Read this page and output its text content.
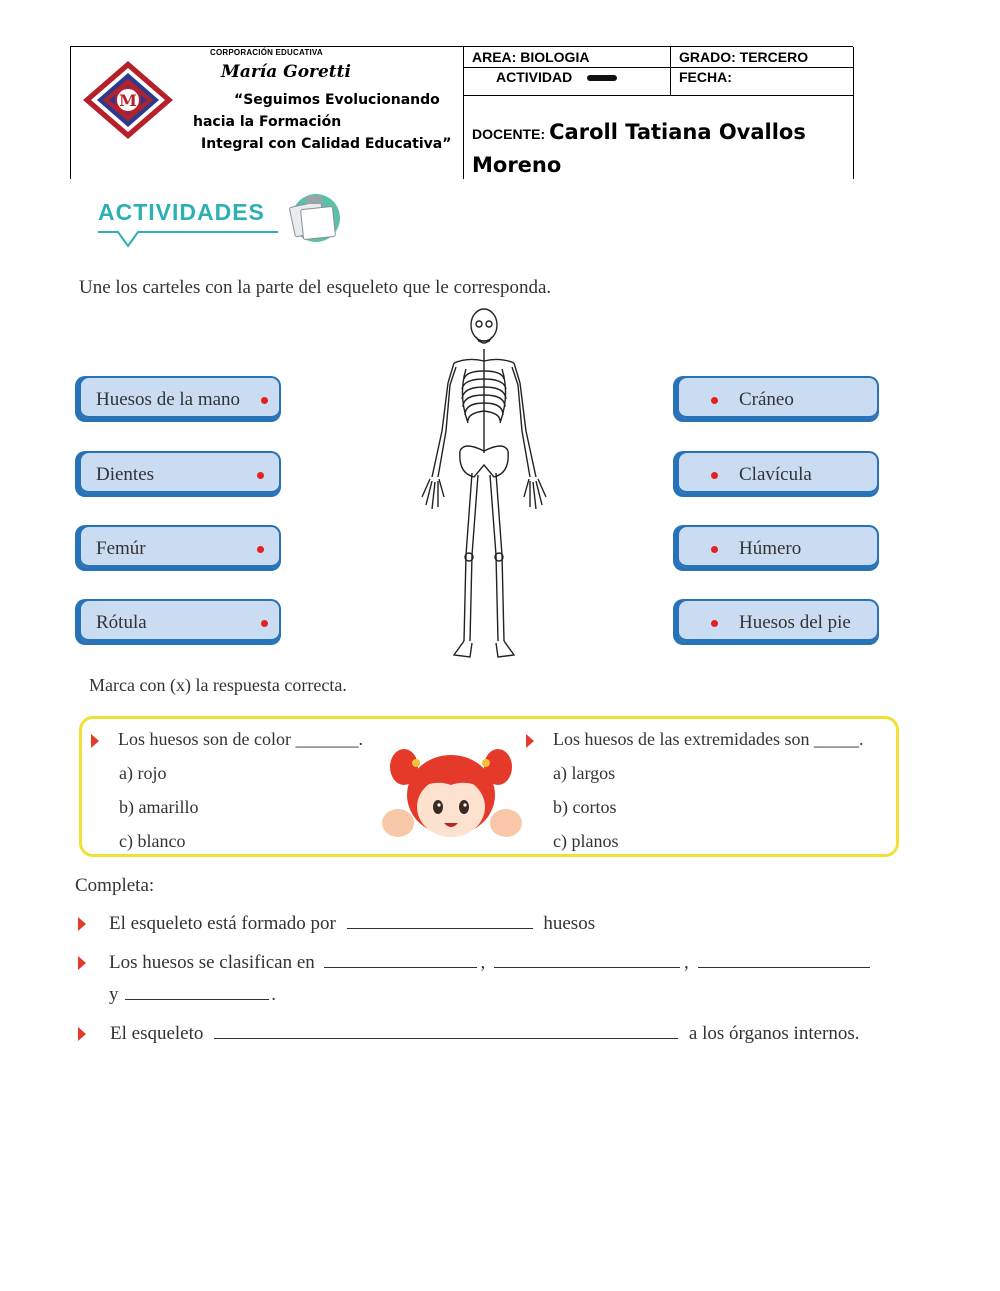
M
CORPORACIÓN EDUCATIVA
María Goretti
“Seguimos Evolucionando
hacia la Formación
Integral con Calidad Educativa”
AREA: BIOLOGIA	GRADO: TERCERO
ACTIVIDAD	FECHA:
DOCENTE: Caroll Tatiana Ovallos
Moreno
ACTIVIDADES
Une los carteles con la parte del esqueleto que le corresponda.
Huesos de la mano
Dientes
Femúr
Rótula
Cráneo
Clavícula
Húmero
Huesos del pie
Marca con (x) la respuesta correcta.
Los huesos son de color _______.
a) rojo
b) amarillo
c) blanco
Los huesos de las extremidades son _____.
a) largos
b) cortos
c) planos
Completa:
El esqueleto está formado por	huesos
Los huesos se clasifican en	,	,
y	.
El esqueleto	a los órganos internos.
